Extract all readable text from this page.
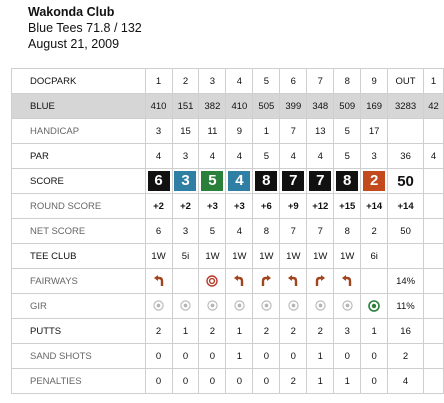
Wakonda Club
Blue Tees 71.8 / 132
August 21, 2009
DOCPARK	1	2	3	4	5	6	7	8	9	OUT	1
BLUE	410	151	382	410	505	399	348	509	169	3283	42
HANDICAP	3	15	11	9	1	7	13	5	17		
PAR	4	3	4	4	5	4	4	5	3	36	4
SCORE	6	3	5	4	8	7	7	8	2	50	
ROUND SCORE	+2	+2	+3	+3	+6	+9	+12	+15	+14	+14	
NET SCORE	6	3	5	4	8	7	7	8	2	50	
TEE CLUB	1W	5i	1W	1W	1W	1W	1W	1W	6i		
FAIRWAYS										14%	
GIR										11%	
PUTTS	2	1	2	1	2	2	2	3	1	16	
SAND SHOTS	0	0	0	1	0	0	1	0	0	2	
PENALTIES	0	0	0	0	0	2	1	1	0	4	
